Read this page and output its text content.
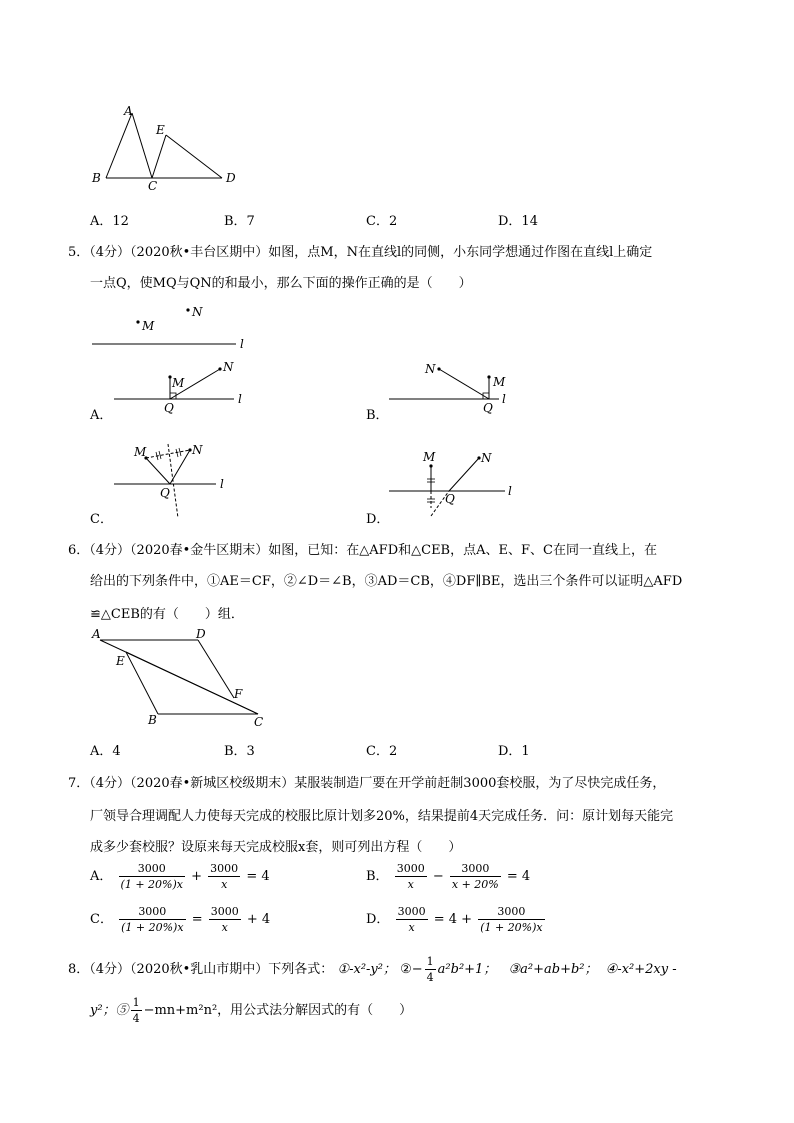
A
B
C
D
E
A．12	B．7	C．2	D．14
5．（4分）（2020秋•丰台区期中）如图，点M，N在直线l的同侧，小东同学想通过作图在直线l上确定
一点Q，使MQ与QN的和最小，那么下面的操作正确的是（　　）
M
N
l
A．
M
N
Q
l
B．
N
M
Q
l
C．
M	N
Q
l
D．
M	N
Q
l
6．（4分）（2020春•金牛区期末）如图，已知：在△AFD和△CEB，点A、E、F、C在同一直线上，在
给出的下列条件中，①AE＝CF，②∠D＝∠B，③AD＝CB，④DF∥BE，选出三个条件可以证明△AFD
≌△CEB的有（　　）组．
A	D
E
F
B	C
A．4	B．3	C．2	D．1
7．（4分）（2020春•新城区校级期末）某服装制造厂要在开学前赶制3000套校服，为了尽快完成任务，
厂领导合理调配人力使每天完成的校服比原计划多20%，结果提前4天完成任务．问：原计划每天能完
成多少套校服？设原来每天完成校服x套，则可列出方程（　　）
A． $\frac{3000}{(1 + 20\%)x} + \frac{3000}{x} = 4$	B． $\frac{3000}{x} - \frac{3000}{x + 20\%} = 4$
C． $\frac{3000}{(1 + 20\%)x} = \frac{3000}{x} + 4$	D． $\frac{3000}{x} = 4 + \frac{3000}{(1 + 20\%)x}$
8．（4分）（2020秋•乳山市期中）下列各式： ①-x²-y²； ②− $\frac{1}{4} a^2b^2+1$； ③a²+ab+b²； ④-x²+2xy -
y²；⑤ $\frac{1}{4} -mn+m^2n^2$，用公式法分解因式的有（　　）
